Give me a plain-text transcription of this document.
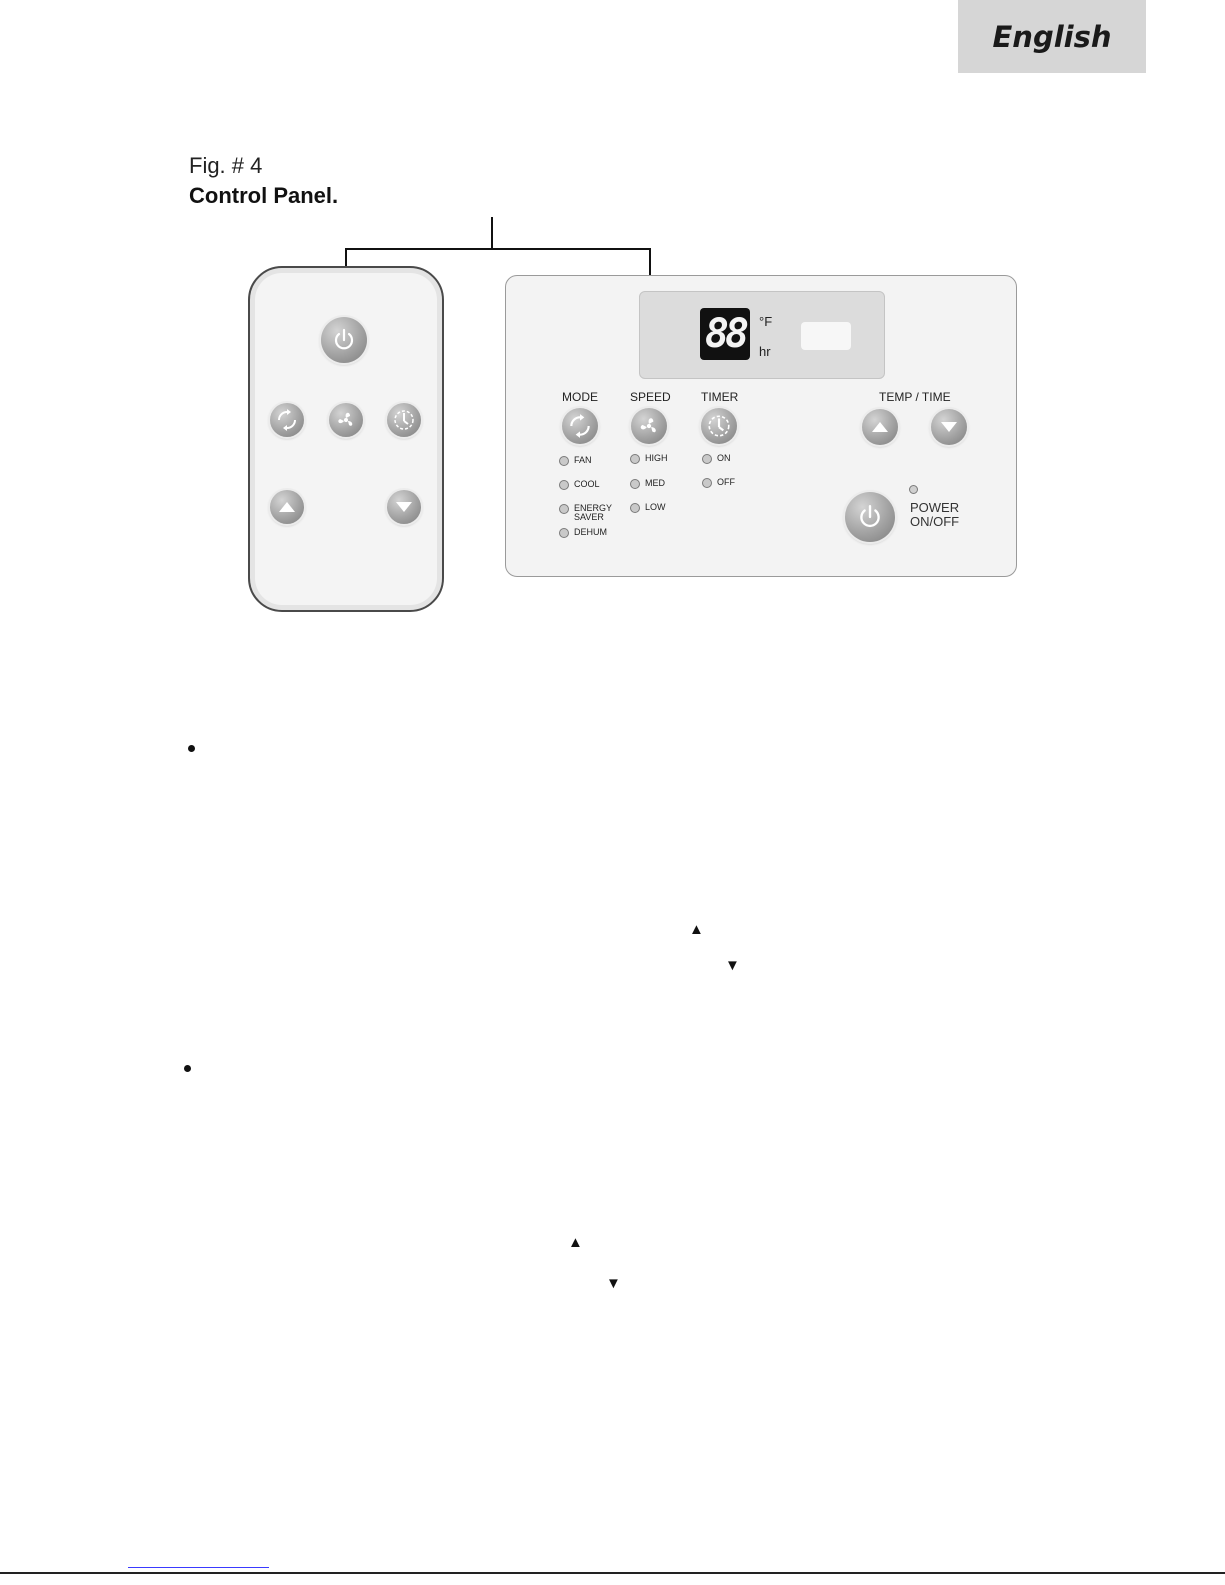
English
Fig. # 4
Control Panel.
88	°F
hr
MODE	SPEED	TIMER	TEMP / TIME
FAN
COOL
ENERGY SAVER
DEHUM
HIGH
MED
LOW
ON
OFF
POWER
ON/OFF
▲
▼
▲
▼
